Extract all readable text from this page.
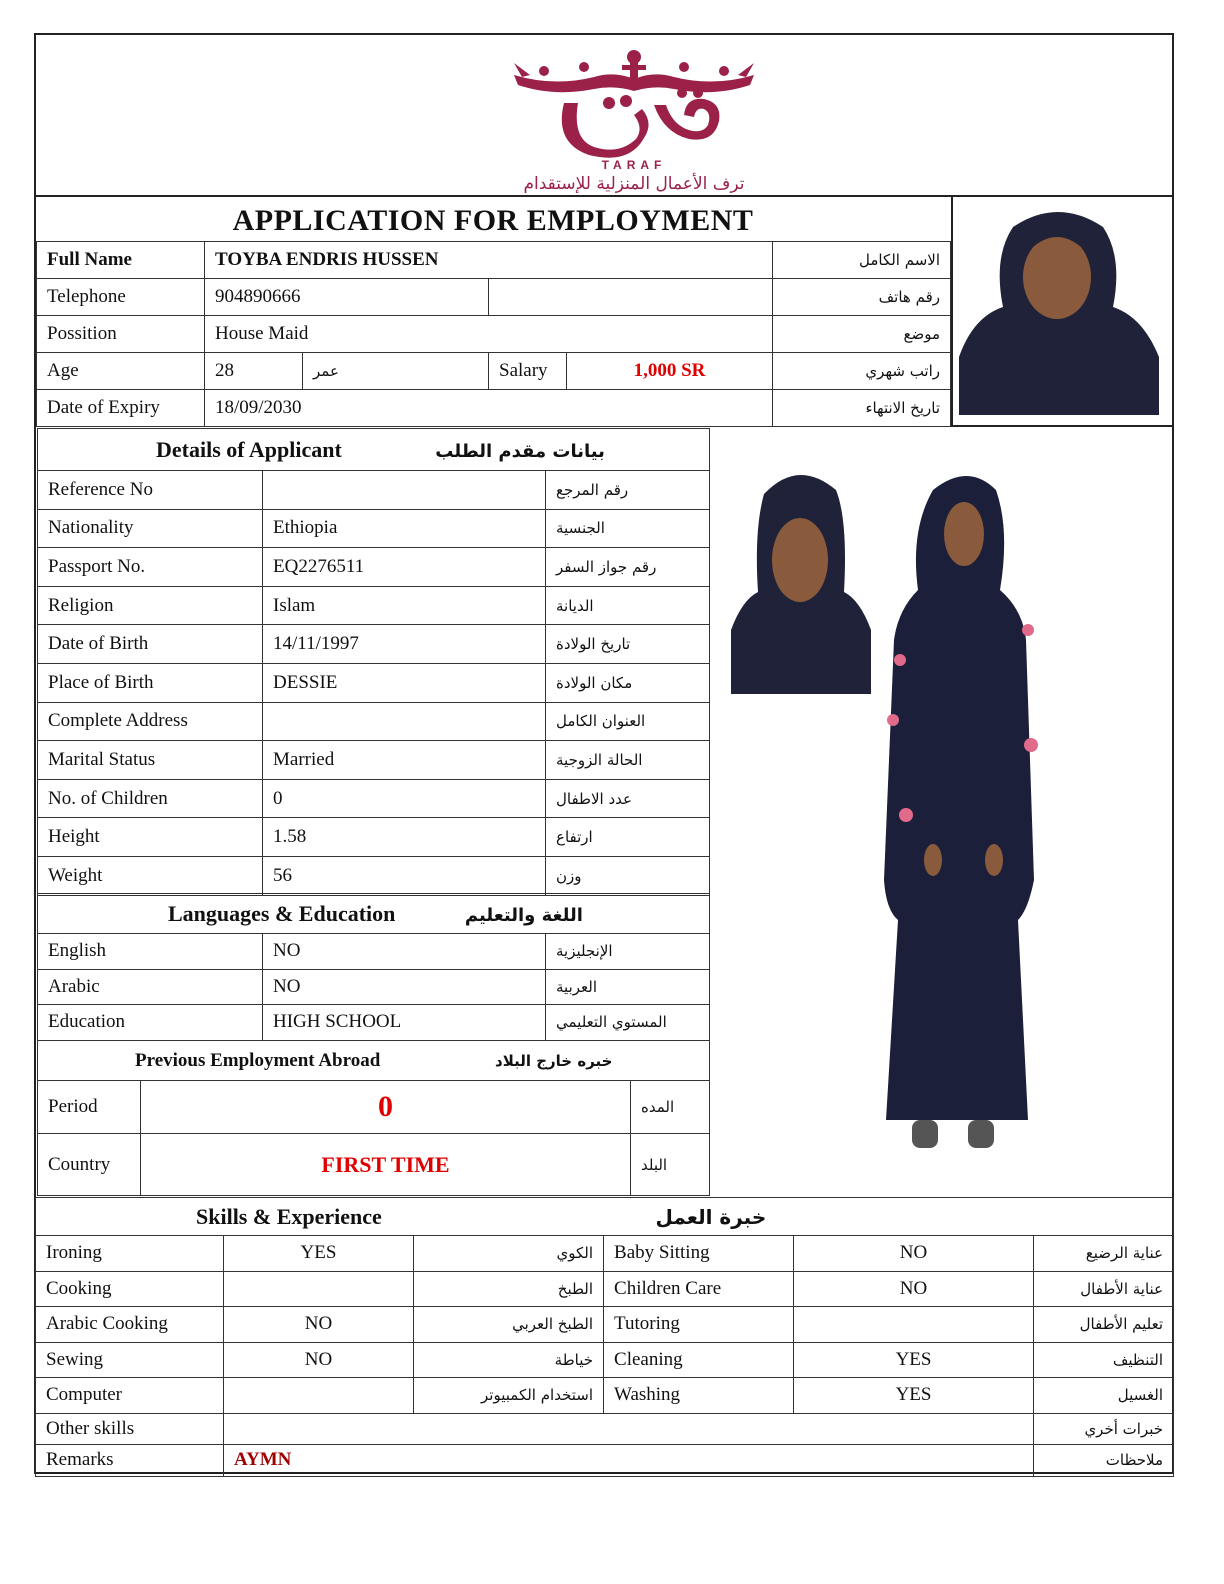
TARAF
ترف الأعمال المنزلية للإستقدام
APPLICATION FOR EMPLOYMENT
Full Name	TOYBA ENDRIS HUSSEN				الاسم الكامل
Telephone	904890666				رقم هاتف
Possition	House Maid				موضع
Age	28	عمر	Salary	1,000 SR	راتب شهري
Date of Expiry	18/09/2030				تاريخ الانتهاء
Details of Applicant بيانات مقدم الطلب		
Reference No		رقم المرجع
Nationality	Ethiopia	الجنسية
Passport No.	EQ2276511	رقم جواز السفر
Religion	Islam	الديانة
Date of Birth	14/11/1997	تاريخ الولادة
Place of Birth	DESSIE	مكان الولادة
Complete Address		العنوان الكامل
Marital Status	Married	الحالة الزوجية
No. of Children	0	عدد الاطفال
Height	1.58	ارتفاع
Weight	56	وزن
Languages & Education اللغة والتعليم		
English	NO	الإنجليزية
Arabic	NO	العربية
Education	HIGH SCHOOL	المستوي التعليمي
Previous Employment Abroad خبره خارج البلاد		
Period	0	المده
Country	FIRST TIME	البلد
Skills & Experience			خبرة العمل		
Ironing	YES	الكوي	Baby Sitting	NO	عناية الرضيع
Cooking		الطبخ	Children Care	NO	عناية الأطفال
Arabic Cooking	NO	الطبخ العربي	Tutoring		تعليم الأطفال
Sewing	NO	خياطة	Cleaning	YES	التنظيف
Computer		استخدام الكمبيوتر	Washing	YES	الغسيل
Other skills					خبرات أخري
Remarks	AYMN				ملاحظات
